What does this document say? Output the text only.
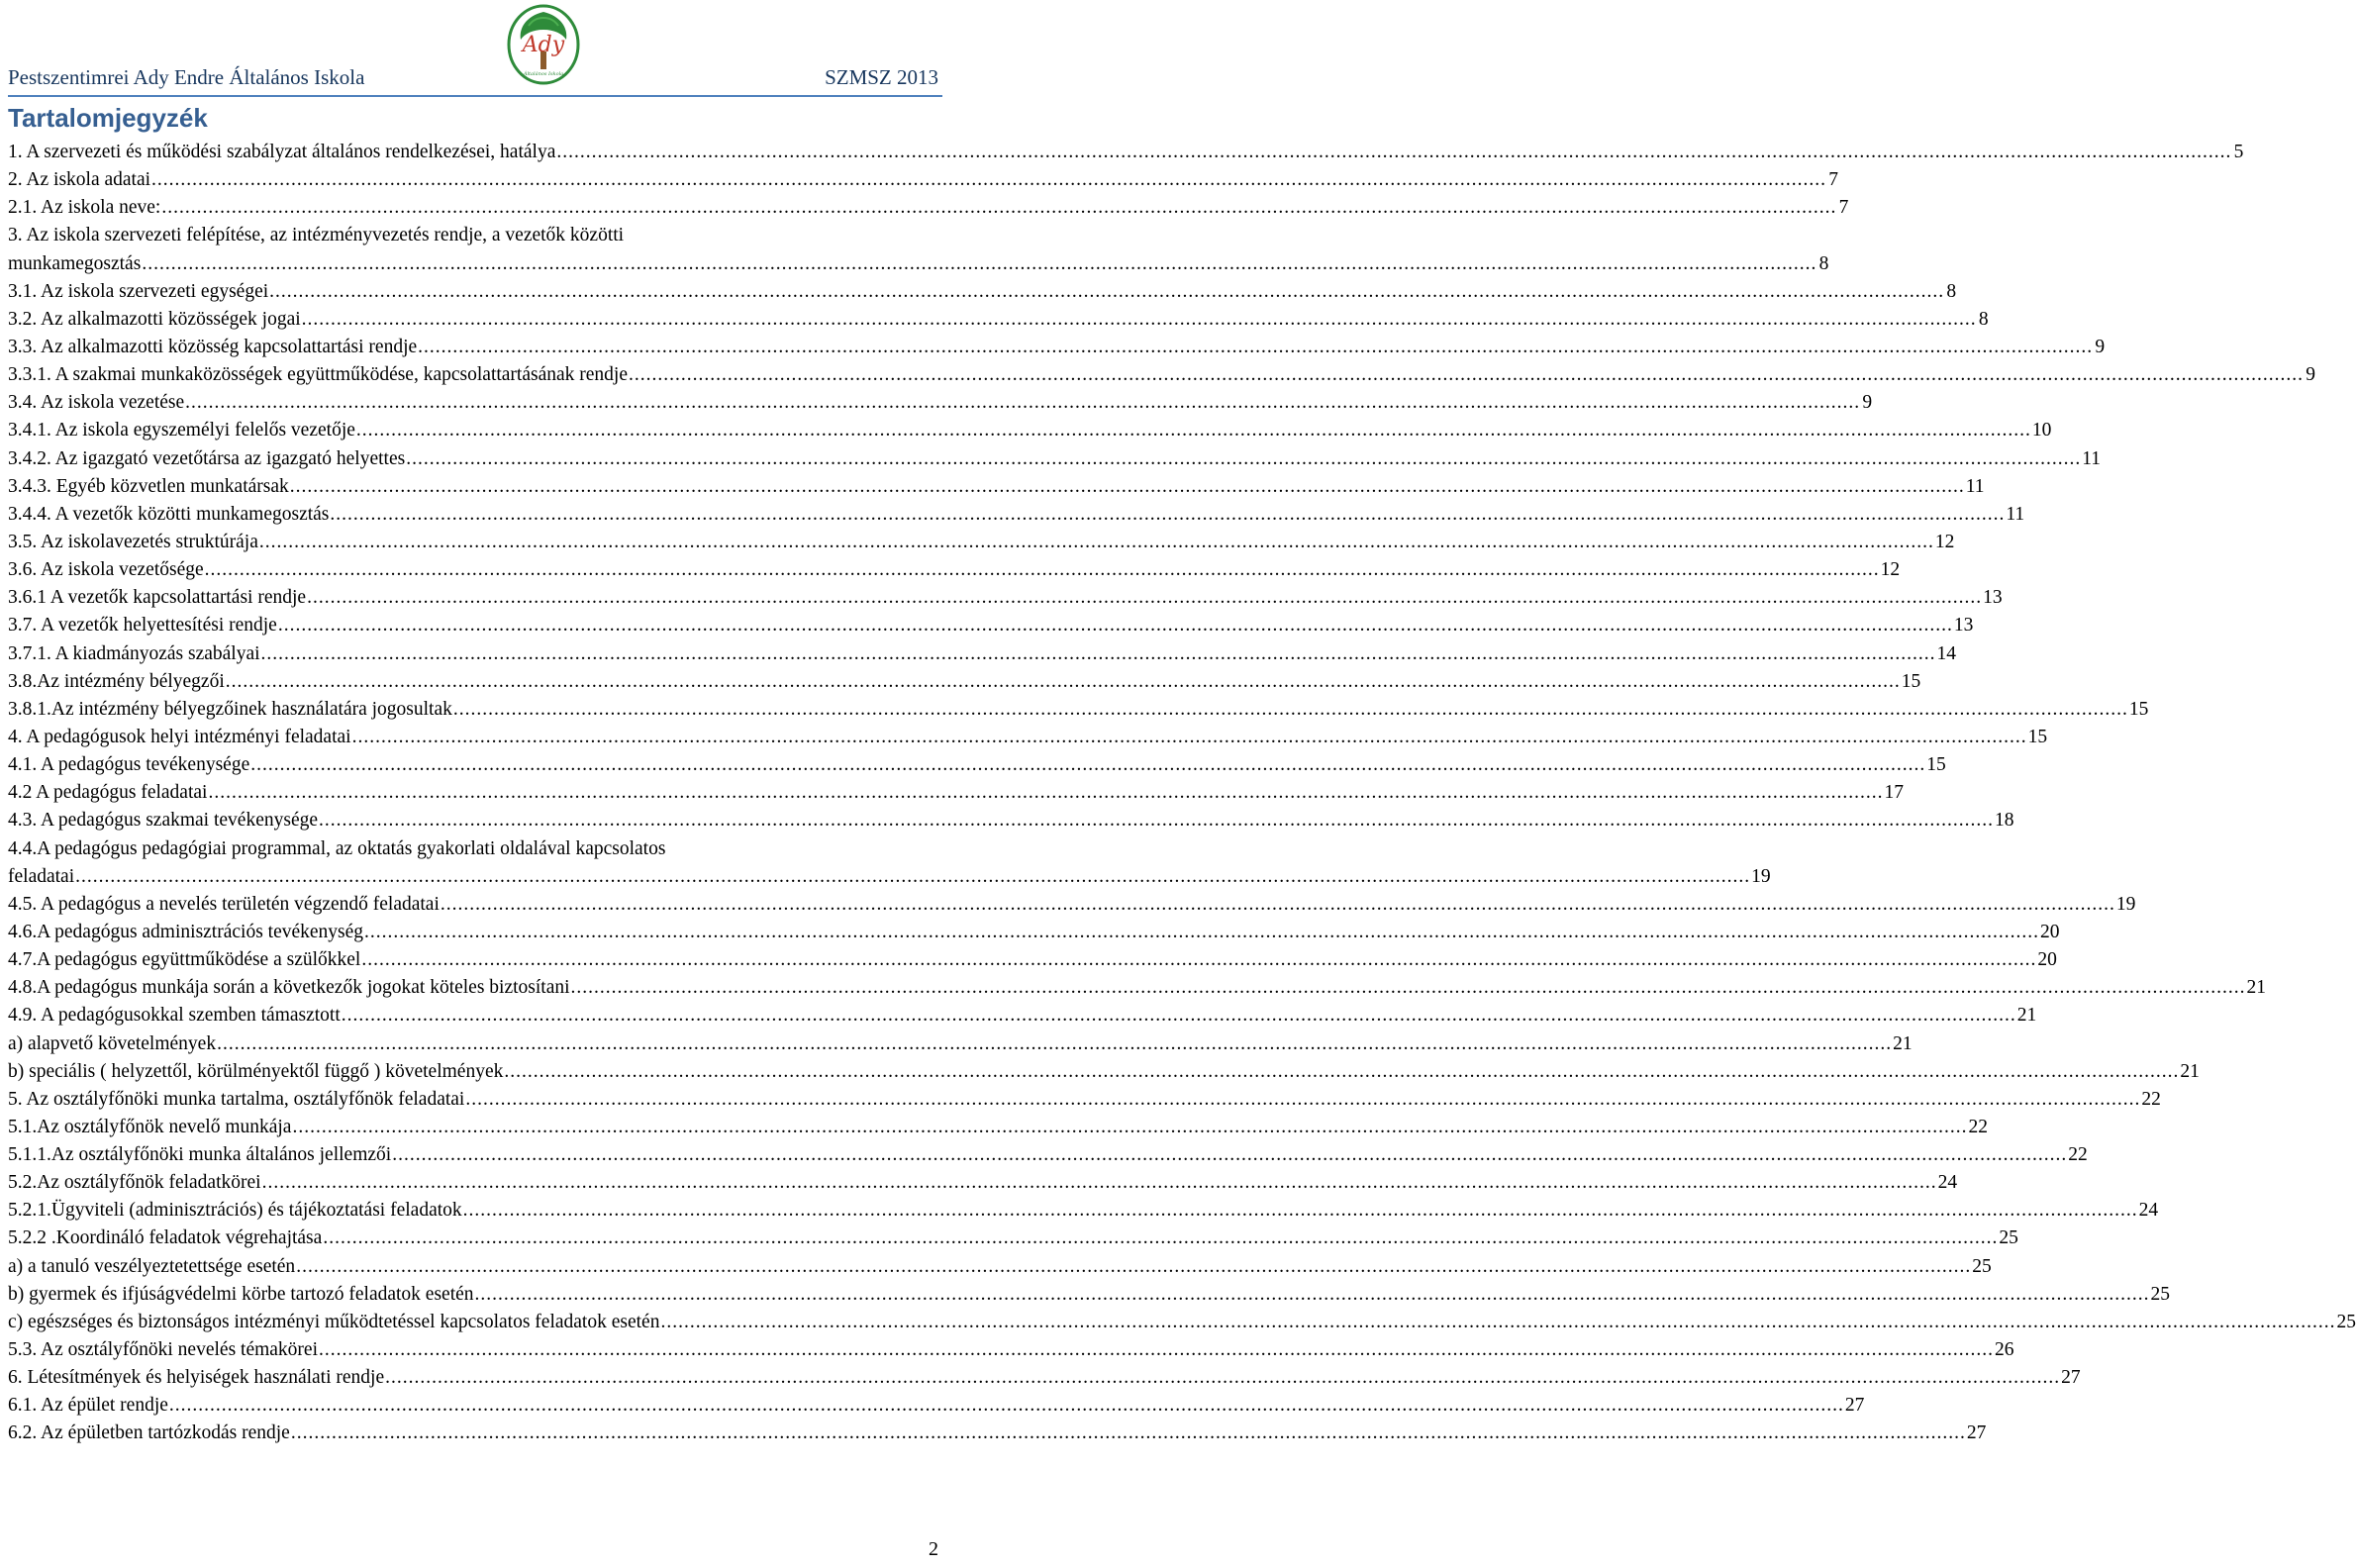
Pestszentimrei Ady Endre Általános Iskola	SZMSZ 2013
Ady
Általános Iskola
Tartalomjegyzék
1. A szervezeti és működési szabályzat általános rendelkezései, hatálya .....	5
2. Az iskola adatai .....	7
2.1. Az iskola neve: .....	7
3. Az iskola szervezeti felépítése, az intézményvezetés rendje, a vezetők közötti
munkamegosztás .....	8
3.1. Az iskola szervezeti egységei .....	8
3.2. Az alkalmazotti közösségek jogai .....	8
3.3. Az alkalmazotti közösség kapcsolattartási rendje .....	9
3.3.1. A szakmai munkaközösségek együttműködése, kapcsolattartásának rendje .....	9
3.4. Az iskola vezetése .....	9
3.4.1. Az iskola egyszemélyi felelős vezetője .....	10
3.4.2. Az igazgató vezetőtársa az igazgató helyettes .....	11
3.4.3. Egyéb közvetlen munkatársak .....	11
3.4.4. A vezetők közötti munkamegosztás .....	11
3.5. Az iskolavezetés struktúrája .....	12
3.6. Az iskola vezetősége .....	12
3.6.1 A vezetők kapcsolattartási rendje .....	13
3.7. A vezetők helyettesítési rendje .....	13
3.7.1. A kiadmányozás szabályai .....	14
3.8.Az intézmény bélyegzői .....	15
3.8.1.Az intézmény bélyegzőinek használatára jogosultak .....	15
4. A pedagógusok helyi intézményi feladatai .....	15
4.1. A pedagógus tevékenysége .....	15
4.2 A pedagógus feladatai .....	17
4.3. A pedagógus szakmai tevékenysége .....	18
4.4.A pedagógus pedagógiai programmal, az oktatás gyakorlati oldalával kapcsolatos
feladatai .....	19
4.5. A pedagógus a nevelés területén végzendő feladatai .....	19
4.6.A pedagógus adminisztrációs tevékenység .....	20
4.7.A pedagógus együttműködése a szülőkkel .....	20
4.8.A pedagógus munkája során a következők jogokat köteles biztosítani .....	21
4.9. A pedagógusokkal szemben támasztott .....	21
a) alapvető követelmények .....	21
b) speciális ( helyzettől, körülményektől függő ) követelmények .....	21
5. Az osztályfőnöki munka tartalma, osztályfőnök feladatai .....	22
5.1.Az osztályfőnök nevelő munkája .....	22
5.1.1.Az osztályfőnöki munka általános jellemzői .....	22
5.2.Az osztályfőnök feladatkörei .....	24
5.2.1.Ügyviteli (adminisztrációs) és tájékoztatási feladatok .....	24
5.2.2 .Koordináló feladatok végrehajtása .....	25
a) a tanuló veszélyeztetettsége esetén .....	25
b) gyermek és ifjúságvédelmi körbe tartozó feladatok esetén .....	25
c) egészséges és biztonságos intézményi működtetéssel kapcsolatos feladatok esetén .....	25
5.3. Az osztályfőnöki nevelés témakörei .....	26
6. Létesítmények és helyiségek használati rendje .....	27
6.1. Az épület rendje .....	27
6.2. Az épületben tartózkodás rendje .....	27
2
